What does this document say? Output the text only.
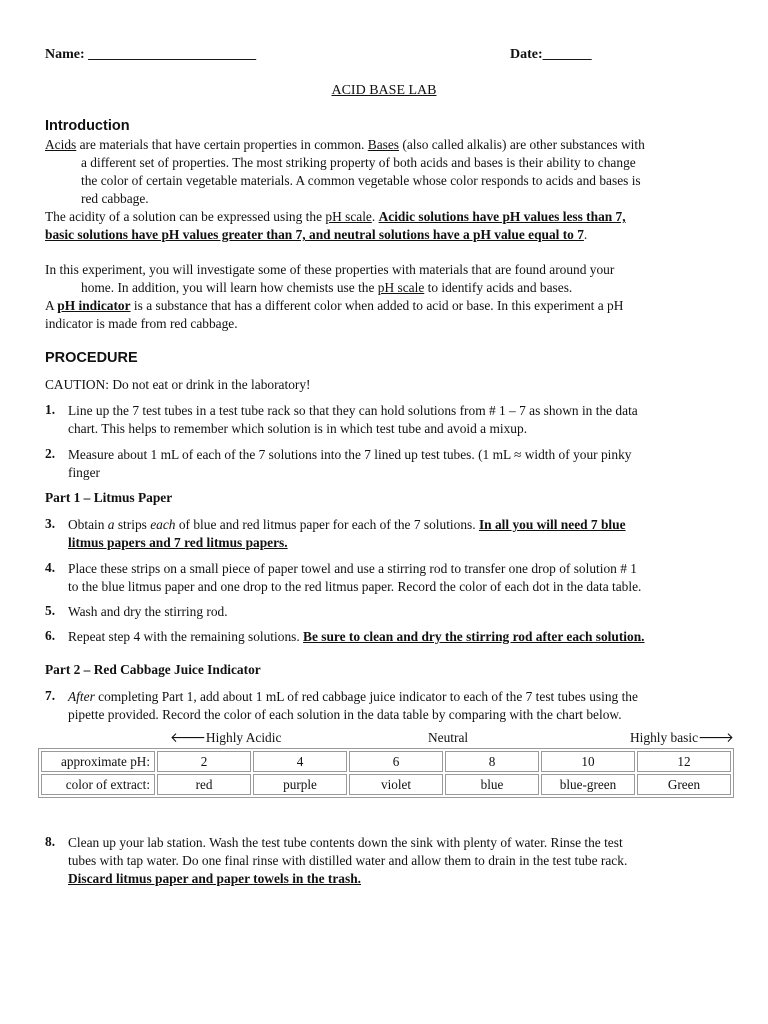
Name: ________________________	Date:_______
ACID BASE LAB
Introduction
Acids are materials that have certain properties in common. Bases (also called alkalis) are other substances with
a different set of properties. The most striking property of both acids and bases is their ability to change
the color of certain vegetable materials. A common vegetable whose color responds to acids and bases is
red cabbage.
The acidity of a solution can be expressed using the pH scale. Acidic solutions have pH values less than 7,
basic solutions have pH values greater than 7, and neutral solutions have a pH value equal to 7.
In this experiment, you will investigate some of these properties with materials that are found around your
home. In addition, you will learn how chemists use the pH scale to identify acids and bases.
A pH indicator is a substance that has a different color when added to acid or base. In this experiment a pH
indicator is made from red cabbage.
PROCEDURE
CAUTION: Do not eat or drink in the laboratory!
1. Line up the 7 test tubes in a test tube rack so that they can hold solutions from # 1 – 7 as shown in the data
chart. This helps to remember which solution is in which test tube and avoid a mixup.
2. Measure about 1 mL of each of the 7 solutions into the 7 lined up test tubes. (1 mL ≈ width of your pinky
finger
Part 1 – Litmus Paper
3. Obtain a strips each of blue and red litmus paper for each of the 7 solutions. In all you will need 7 blue
litmus papers and 7 red litmus papers.
4. Place these strips on a small piece of paper towel and use a stirring rod to transfer one drop of solution # 1
to the blue litmus paper and one drop to the red litmus paper. Record the color of each dot in the data table.
5. Wash and dry the stirring rod.
6. Repeat step 4 with the remaining solutions. Be sure to clean and dry the stirring rod after each solution.
Part 2 – Red Cabbage Juice Indicator
7. After completing Part 1, add about 1 mL of red cabbage juice indicator to each of the 7 test tubes using the
pipette provided. Record the color of each solution in the data table by comparing with the chart below.
🡐Highly Acidic	Neutral	Highly basic🡒
approximate pH:	2	4	6	8	10	12
color of extract:	red	purple	violet	blue	blue-green	Green
8. Clean up your lab station. Wash the test tube contents down the sink with plenty of water. Rinse the test
tubes with tap water. Do one final rinse with distilled water and allow them to drain in the test tube rack.
Discard litmus paper and paper towels in the trash.
